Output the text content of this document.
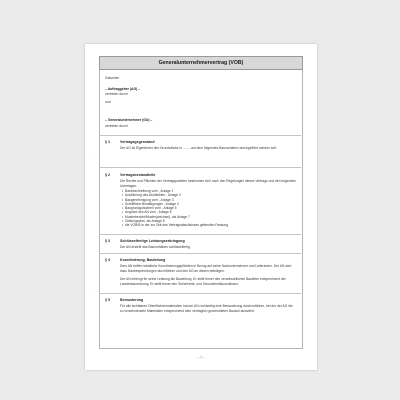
Generalunternehmervertrag (VOB)
Zwischen
– Auftraggeber (AG) –
vertreten durch
und
– Generalunternehmer (GU) –
vertreten durch
§ 1	Vertragsgegenstand
Der AG ist Eigentümer des Grundstücks in ........ auf dem folgendes Bauvorhaben durchgeführt werden soll:
...
§ 2	Vertragsbestandteile
Die Rechte und Pflichten der Vertragsparteien bestimmen sich nach den Regelungen dieses Vertrags und den folgenden Unterlagen:
• Baubeschreibung vom , Anlage 1
• Ausführung des Architekten , Anlage 2
• Baugenehmigung vom , Anlage 3
• Schriftliche Bestätigungen , Anlage 4
• Baugrundgutachten vom , Anlage 5
• Angebot des AN vom , Anlage 6
• Musterbericht/Muster(wechsel), als Anlage 7
• Zahlungsplan, als Anlage 8
• die VOB/B in der zur Zeit des Vertragsabschlusses geltenden Fassung
§ 3	Schlüsselfertige Leistungserbringung
Der AN erstellt das Bauvorhaben schlüsselfertig.
§ 4	Koordinierung, Bauleitung
Dem AN treffen sämtliche Koordinierungspflichten in Bezug auf seine Nachunternehmer und Lieferanten. Der AN wird dazu Baubesprechungen durchführen und den AG an diesen beteiligen.
Der AN erbringt für seine Leistung die Bauleitung. Er stellt ferner den verantwortlichen Bauleiter entsprechend der Landesbauordnung. Er stellt ferner den Sicherheits- und Gesundheitskoordinator.
...
§ 5	Bemusterung
Für alle sichtbaren Oberflächenmaterialien hat der AN rechtzeitig eine Bemusterung durchzuführen, bei der der AG die zu verwendenden Materialien entsprechend dem vertraglich geschuldeten Bausoll auswählt.
– 1 –
